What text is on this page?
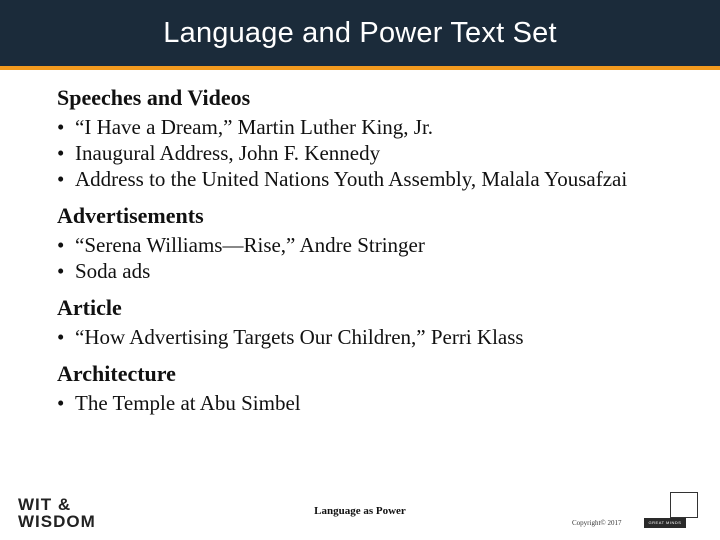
Language and Power Text Set
Speeches and Videos
• “I Have a Dream,” Martin Luther King, Jr.
• Inaugural Address, John F. Kennedy
• Address to the United Nations Youth Assembly, Malala Yousafzai
Advertisements
• “Serena Williams—Rise,” Andre Stringer
• Soda ads
Article
• “How Advertising Targets Our Children,” Perri Klass
Architecture
• The Temple at Abu Simbel
WIT &
WISDOM
Language as Power
Copyright© 2017	GREAT MINDS
